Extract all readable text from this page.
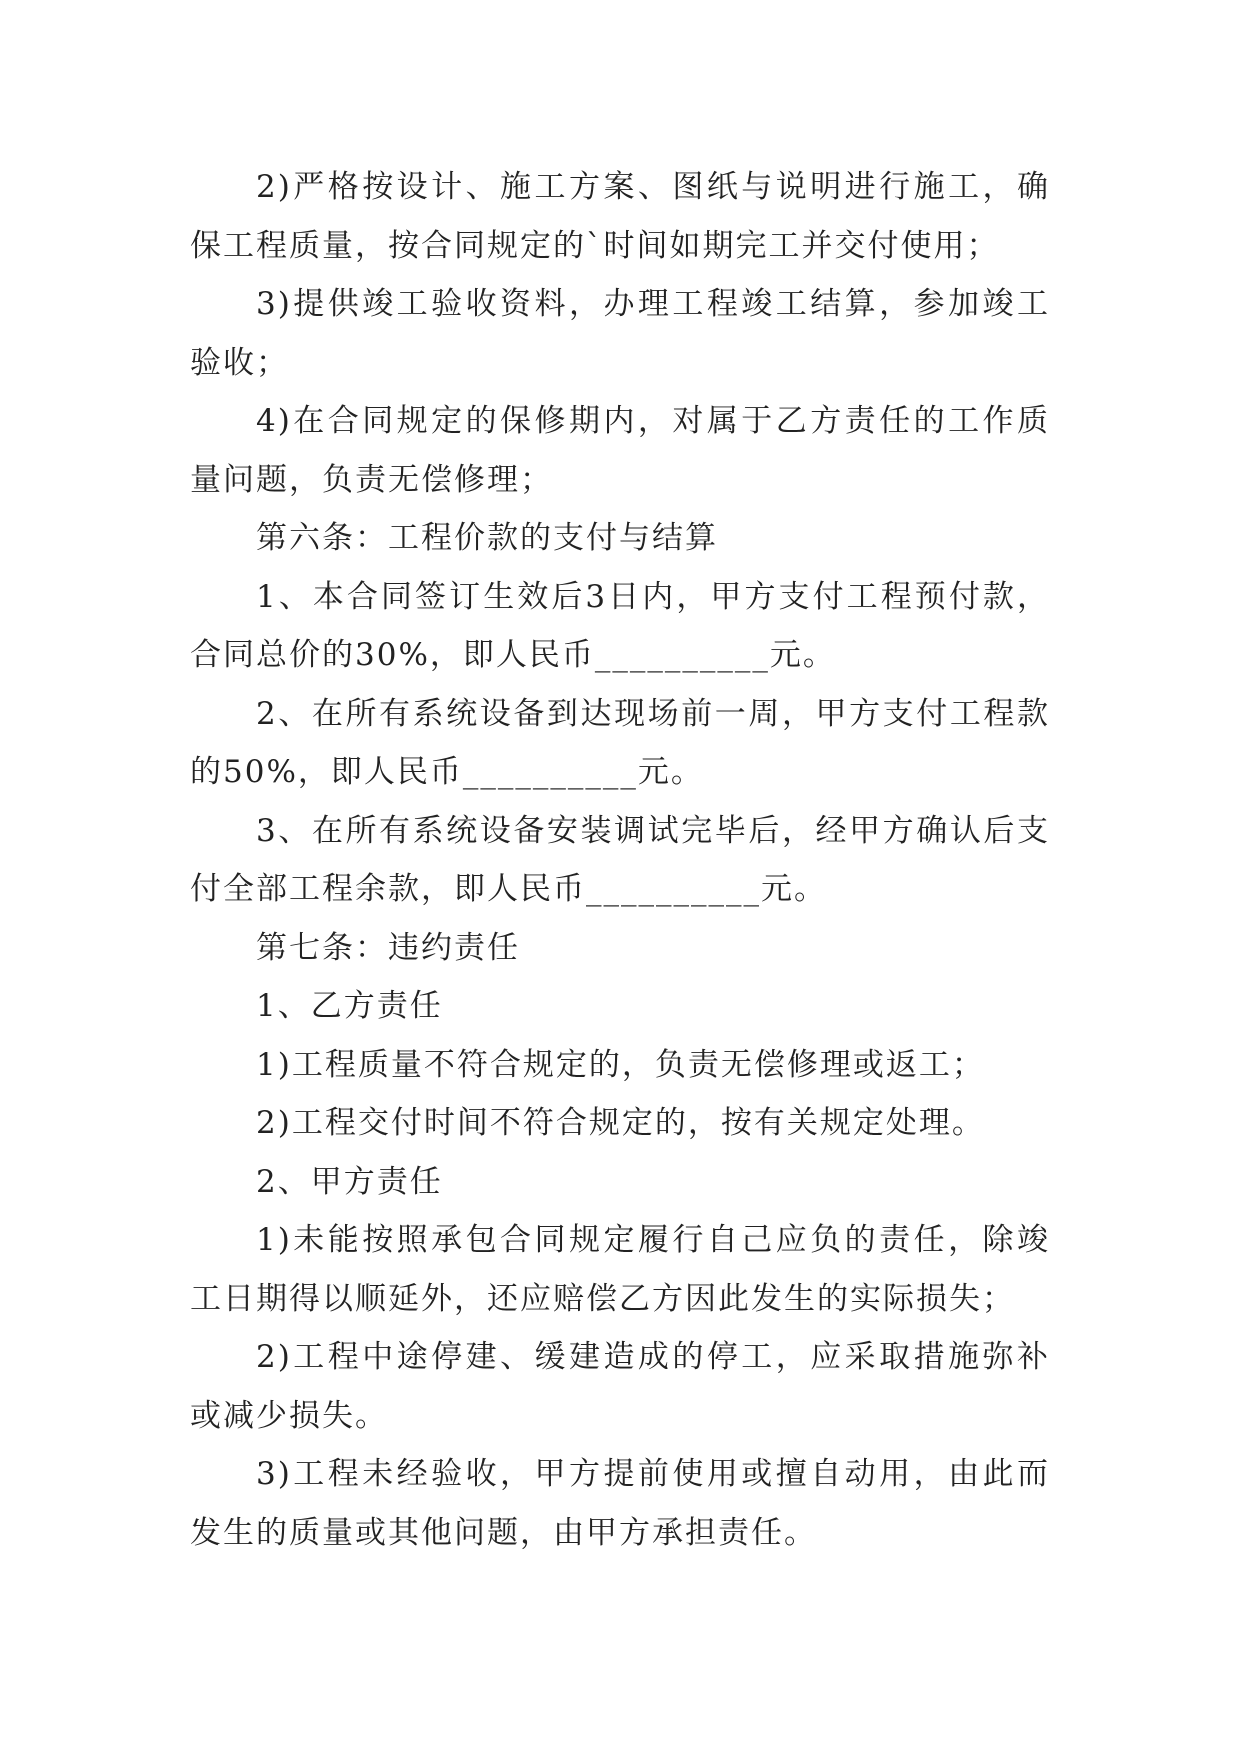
2)严格按设计、施工方案、图纸与说明进行施工，确保工程质量，按合同规定的`时间如期完工并交付使用；

3)提供竣工验收资料，办理工程竣工结算，参加竣工验收；

4)在合同规定的保修期内，对属于乙方责任的工作质量问题，负责无偿修理；

第六条：工程价款的支付与结算

1、本合同签订生效后3日内，甲方支付工程预付款，合同总价的30%，即人民币__________元。

2、在所有系统设备到达现场前一周，甲方支付工程款的50%，即人民币__________元。

3、在所有系统设备安装调试完毕后，经甲方确认后支付全部工程余款，即人民币__________元。

第七条：违约责任

1、乙方责任

1)工程质量不符合规定的，负责无偿修理或返工；

2)工程交付时间不符合规定的，按有关规定处理。

2、甲方责任

1)未能按照承包合同规定履行自己应负的责任，除竣工日期得以顺延外，还应赔偿乙方因此发生的实际损失；

2)工程中途停建、缓建造成的停工，应采取措施弥补或减少损失。

3)工程未经验收，甲方提前使用或擅自动用，由此而发生的质量或其他问题，由甲方承担责任。
